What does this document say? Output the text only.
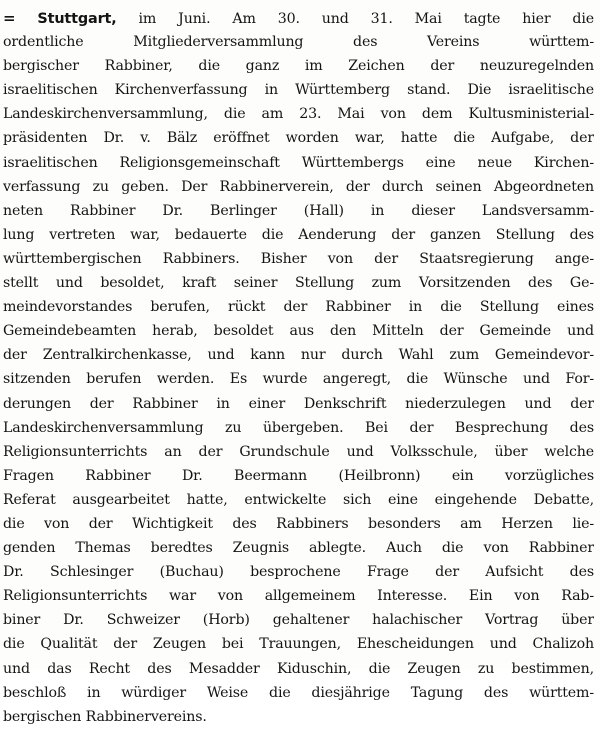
= Stuttgart, im Juni. Am 30. und 31. Mai tagte hier die
ordentliche Mitgliederversammlung des Vereins württem-
bergischer Rabbiner, die ganz im Zeichen der neuzuregelnden
israelitischen Kirchenverfassung in Württemberg stand. Die israelitische
Landeskirchenversammlung, die am 23. Mai von dem Kultusministerial-
präsidenten Dr. v. Bälz eröffnet worden war, hatte die Aufgabe, der
israelitischen Religionsgemeinschaft Württembergs eine neue Kirchen-
verfassung zu geben. Der Rabbinerverein, der durch seinen Abgeordneten
neten Rabbiner Dr. Berlinger (Hall) in dieser Landsversamm-
lung vertreten war, bedauerte die Aenderung der ganzen Stellung des
württembergischen Rabbiners. Bisher von der Staatsregierung ange-
stellt und besoldet, kraft seiner Stellung zum Vorsitzenden des Ge-
meindevorstandes berufen, rückt der Rabbiner in die Stellung eines
Gemeindebeamten herab, besoldet aus den Mitteln der Gemeinde und
der Zentralkirchenkasse, und kann nur durch Wahl zum Gemeindevor-
sitzenden berufen werden. Es wurde angeregt, die Wünsche und For-
derungen der Rabbiner in einer Denkschrift niederzulegen und der
Landeskirchenversammlung zu übergeben. Bei der Besprechung des
Religionsunterrichts an der Grundschule und Volksschule, über welche
Fragen Rabbiner Dr. Beermann (Heilbronn) ein vorzügliches
Referat ausgearbeitet hatte, entwickelte sich eine eingehende Debatte,
die von der Wichtigkeit des Rabbiners besonders am Herzen lie-
genden Themas beredtes Zeugnis ablegte. Auch die von Rabbiner
Dr. Schlesinger (Buchau) besprochene Frage der Aufsicht des
Religionsunterrichts war von allgemeinem Interesse. Ein von Rab-
biner Dr. Schweizer (Horb) gehaltener halachischer Vortrag über
die Qualität der Zeugen bei Trauungen, Ehescheidungen und Chalizoh
und das Recht des Mesadder Kiduschin, die Zeugen zu bestimmen,
beschloß in würdiger Weise die diesjährige Tagung des württem-
bergischen Rabbinervereins.
